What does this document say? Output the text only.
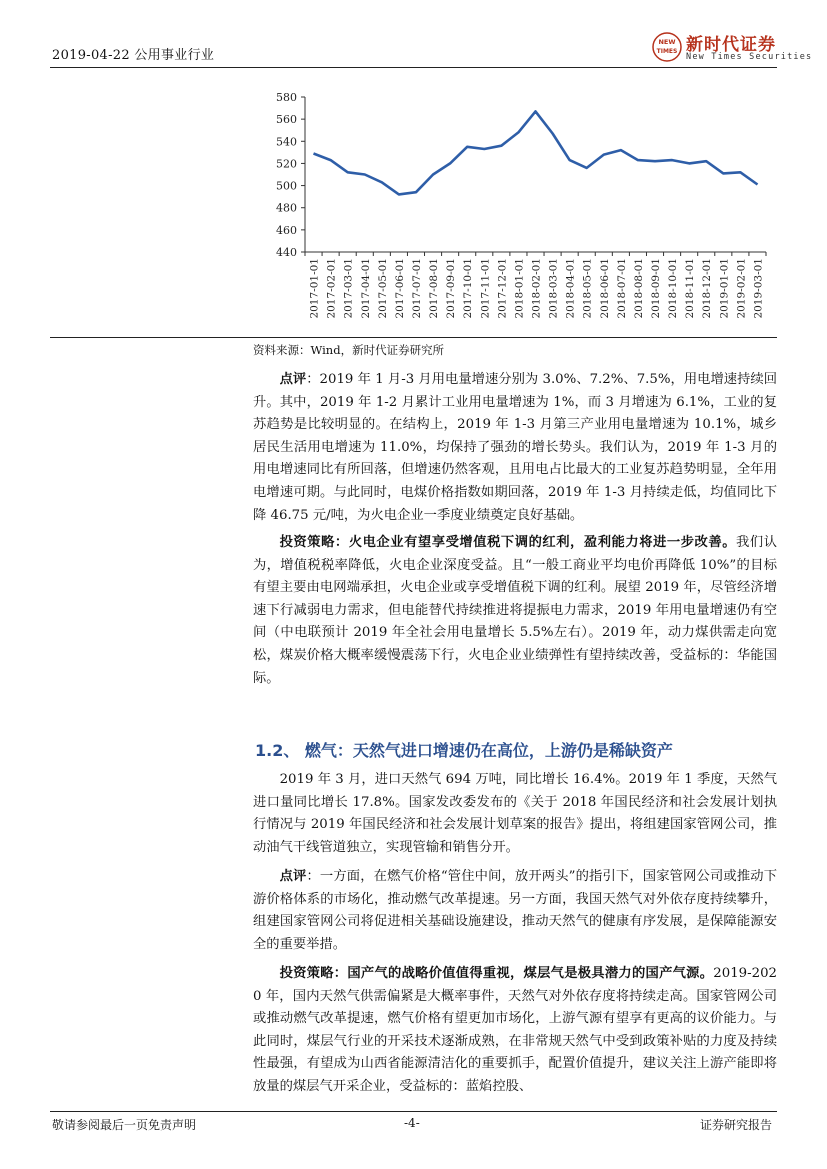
2019-04-22 公用事业行业
NEW
TIMES 新时代证券
New Times Securities
440
460
480
500
520
540
560
580
2017-01-01 2017-02-01 2017-03-01 2017-04-01 2017-05-01 2017-06-01 2017-07-01 2017-08-01 2017-09-01 2017-10-01 2017-11-01 2017-12-01 2018-01-01 2018-02-01 2018-03-01 2018-04-01 2018-05-01 2018-06-01 2018-07-01 2018-08-01 2018-09-01 2018-10-01 2018-11-01 2018-12-01 2019-01-01 2019-02-01 2019-03-01
资料来源：Wind，新时代证券研究所

点评：2019 年 1 月-3 月用电量增速分别为 3.0%、7.2%、7.5%，用电增速持续回升。其中，2019 年 1-2 月累计工业用电量增速为 1%，而 3 月增速为 6.1%，工业的复苏趋势是比较明显的。在结构上，2019 年 1-3 月第三产业用电量增速为 10.1%，城乡居民生活用电增速为 11.0%，均保持了强劲的增长势头。我们认为，2019 年 1-3 月的用电增速同比有所回落，但增速仍然客观，且用电占比最大的工业复苏趋势明显，全年用电增速可期。与此同时，电煤价格指数如期回落，2019 年 1-3 月持续走低，均值同比下降 46.75 元/吨，为火电企业一季度业绩奠定良好基础。

投资策略：火电企业有望享受增值税下调的红利，盈利能力将进一步改善。我们认为，增值税税率降低，火电企业深度受益。且“一般工商业平均电价再降低 10%”的目标有望主要由电网端承担，火电企业或享受增值税下调的红利。展望 2019 年，尽管经济增速下行减弱电力需求，但电能替代持续推进将提振电力需求，2019 年用电量增速仍有空间（中电联预计 2019 年全社会用电量增长 5.5%左右）。2019 年，动力煤供需走向宽松，煤炭价格大概率缓慢震荡下行，火电企业业绩弹性有望持续改善，受益标的：华能国际。

1.2、 燃气：天然气进口增速仍在高位，上游仍是稀缺资产

2019 年 3 月，进口天然气 694 万吨，同比增长 16.4%。2019 年 1 季度，天然气进口量同比增长 17.8%。国家发改委发布的《关于 2018 年国民经济和社会发展计划执行情况与 2019 年国民经济和社会发展计划草案的报告》提出，将组建国家管网公司，推动油气干线管道独立，实现管输和销售分开。

点评：一方面，在燃气价格“管住中间，放开两头”的指引下，国家管网公司或推动下游价格体系的市场化，推动燃气改革提速。另一方面，我国天然气对外依存度持续攀升，组建国家管网公司将促进相关基础设施建设，推动天然气的健康有序发展，是保障能源安全的重要举措。

投资策略：国产气的战略价值值得重视，煤层气是极具潜力的国产气源。2019-2020 年，国内天然气供需偏紧是大概率事件，天然气对外依存度将持续走高。国家管网公司或推动燃气改革提速，燃气价格有望更加市场化，上游气源有望享有更高的议价能力。与此同时，煤层气行业的开采技术逐渐成熟，在非常规天然气中受到政策补贴的力度及持续性最强，有望成为山西省能源清洁化的重要抓手，配置价值提升，建议关注上游产能即将放量的煤层气开采企业，受益标的：蓝焰控股、

敬请参阅最后一页免责声明	-4-	证券研究报告
